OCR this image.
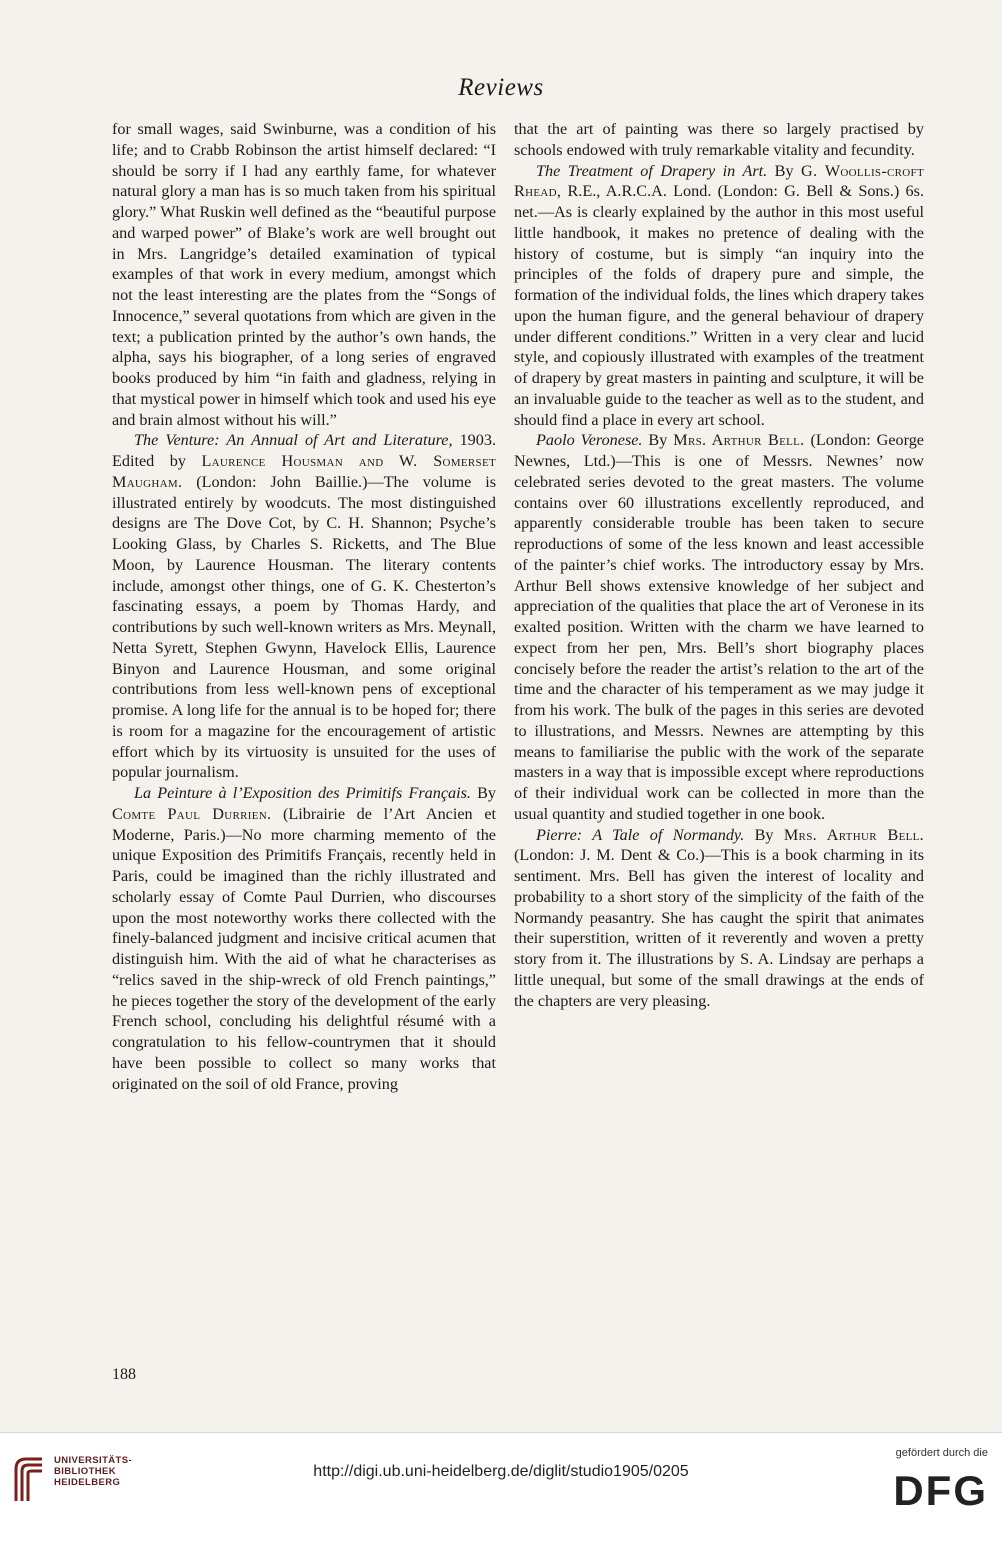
Reviews

for small wages, said Swinburne, was a condition of his life; and to Crabb Robinson the artist himself declared: “I should be sorry if I had any earthly fame, for whatever natural glory a man has is so much taken from his spiritual glory.” What Ruskin well defined as the “beautiful purpose and warped power” of Blake’s work are well brought out in Mrs. Langridge’s detailed examination of typical examples of that work in every medium, amongst which not the least interesting are the plates from the “Songs of Innocence,” several quotations from which are given in the text; a publication printed by the author’s own hands, the alpha, says his biographer, of a long series of engraved books produced by him “in faith and gladness, relying in that mystical power in himself which took and used his eye and brain almost without his will.”

The Venture: An Annual of Art and Literature, 1903. Edited by Laurence Housman and W. Somerset Maugham. (London: John Baillie.)—The volume is illustrated entirely by woodcuts. The most distinguished designs are The Dove Cot, by C. H. Shannon; Psyche’s Looking Glass, by Charles S. Ricketts, and The Blue Moon, by Laurence Housman. The literary contents include, amongst other things, one of G. K. Chesterton’s fascinating essays, a poem by Thomas Hardy, and contributions by such well-known writers as Mrs. Meynall, Netta Syrett, Stephen Gwynn, Havelock Ellis, Laurence Binyon and Laurence Housman, and some original contributions from less well-known pens of exceptional promise. A long life for the annual is to be hoped for; there is room for a magazine for the encouragement of artistic effort which by its virtuosity is unsuited for the uses of popular journalism.

La Peinture à l’Exposition des Primitifs Français. By Comte Paul Durrien. (Librairie de l’Art Ancien et Moderne, Paris.)—No more charming memento of the unique Exposition des Primitifs Français, recently held in Paris, could be imagined than the richly illustrated and scholarly essay of Comte Paul Durrien, who discourses upon the most noteworthy works there collected with the finely-balanced judgment and incisive critical acumen that distinguish him. With the aid of what he characterises as “relics saved in the ship-wreck of old French paintings,” he pieces together the story of the development of the early French school, concluding his delightful résumé with a congratulation to his fellow-countrymen that it should have been possible to collect so many works that originated on the soil of old France, proving

that the art of painting was there so largely practised by schools endowed with truly remarkable vitality and fecundity.

The Treatment of Drapery in Art. By G. Woollis-croft Rhead, R.E., A.R.C.A. Lond. (London: G. Bell & Sons.) 6s. net.—As is clearly explained by the author in this most useful little handbook, it makes no pretence of dealing with the history of costume, but is simply “an inquiry into the principles of the folds of drapery pure and simple, the formation of the individual folds, the lines which drapery takes upon the human figure, and the general behaviour of drapery under different conditions.” Written in a very clear and lucid style, and copiously illustrated with examples of the treatment of drapery by great masters in painting and sculpture, it will be an invaluable guide to the teacher as well as to the student, and should find a place in every art school.

Paolo Veronese. By Mrs. Arthur Bell. (London: George Newnes, Ltd.)—This is one of Messrs. Newnes’ now celebrated series devoted to the great masters. The volume contains over 60 illustrations excellently reproduced, and apparently considerable trouble has been taken to secure reproductions of some of the less known and least accessible of the painter’s chief works. The introductory essay by Mrs. Arthur Bell shows extensive knowledge of her subject and appreciation of the qualities that place the art of Veronese in its exalted position. Written with the charm we have learned to expect from her pen, Mrs. Bell’s short biography places concisely before the reader the artist’s relation to the art of the time and the character of his temperament as we may judge it from his work. The bulk of the pages in this series are devoted to illustrations, and Messrs. Newnes are attempting by this means to familiarise the public with the work of the separate masters in a way that is impossible except where reproductions of their individual work can be collected in more than the usual quantity and studied together in one book.

Pierre: A Tale of Normandy. By Mrs. Arthur Bell. (London: J. M. Dent & Co.)—This is a book charming in its sentiment. Mrs. Bell has given the interest of locality and probability to a short story of the simplicity of the faith of the Normandy peasantry. She has caught the spirit that animates their superstition, written of it reverently and woven a pretty story from it. The illustrations by S. A. Lindsay are perhaps a little unequal, but some of the small drawings at the ends of the chapters are very pleasing.

188
UNIVERSITÄTS-
BIBLIOTHEK
HEIDELBERG
http://digi.ub.uni-heidelberg.de/diglit/studio1905/0205
gefördert durch die
DFG
